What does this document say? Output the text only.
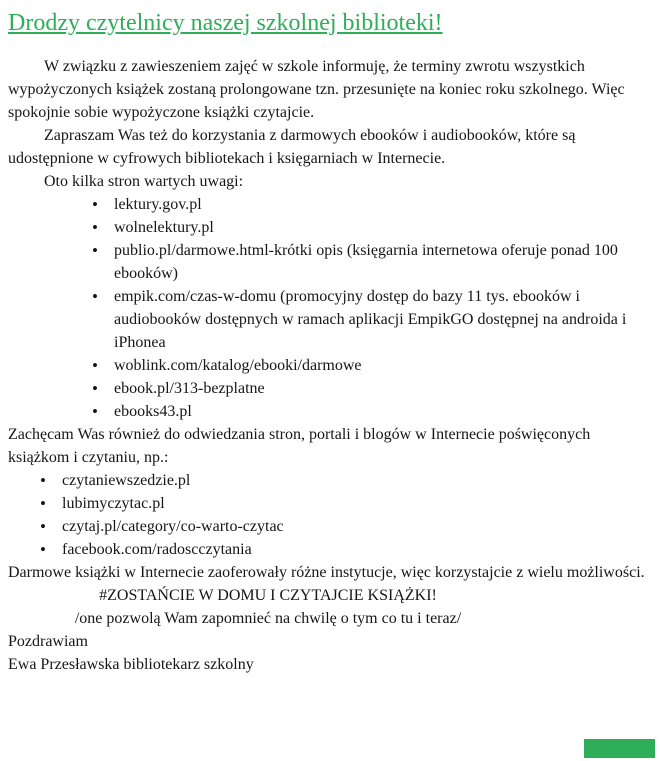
Drodzy czytelnicy naszej szkolnej biblioteki!

W związku z zawieszeniem zajęć w szkole informuję, że terminy zwrotu wszystkich wypożyczonych książek zostaną prolongowane tzn. przesunięte na koniec roku szkolnego. Więc spokojnie sobie wypożyczone książki czytajcie.

Zapraszam Was też do korzystania z darmowych ebooków i audiobooków, które są udostępnione w cyfrowych bibliotekach i księgarniach w Internecie.

Oto kilka stron wartych uwagi:

• lektury.gov.pl
• wolnelektury.pl
• publio.pl/darmowe.html-krótki opis (księgarnia internetowa oferuje ponad 100 ebooków)
• empik.com/czas-w-domu (promocyjny dostęp do bazy 11 tys. ebooków i audiobooków dostępnych w ramach aplikacji EmpikGO dostępnej na androida i iPhonea
• woblink.com/katalog/ebooki/darmowe
• ebook.pl/313-bezplatne
• ebooks43.pl

Zachęcam Was również do odwiedzania stron, portali i blogów w Internecie poświęconych książkom i czytaniu, np.:

• czytaniewszedzie.pl
• lubimyczytac.pl
• czytaj.pl/category/co-warto-czytac
• facebook.com/radoscczytania

Darmowe książki w Internecie zaoferowały różne instytucje, więc korzystajcie z wielu możliwości.

#ZOSTAŃCIE W DOMU I CZYTAJCIE KSIĄŻKI!

/one pozwolą Wam zapomnieć na chwilę o tym co tu i teraz/

Pozdrawiam

Ewa Przesławska bibliotekarz szkolny
